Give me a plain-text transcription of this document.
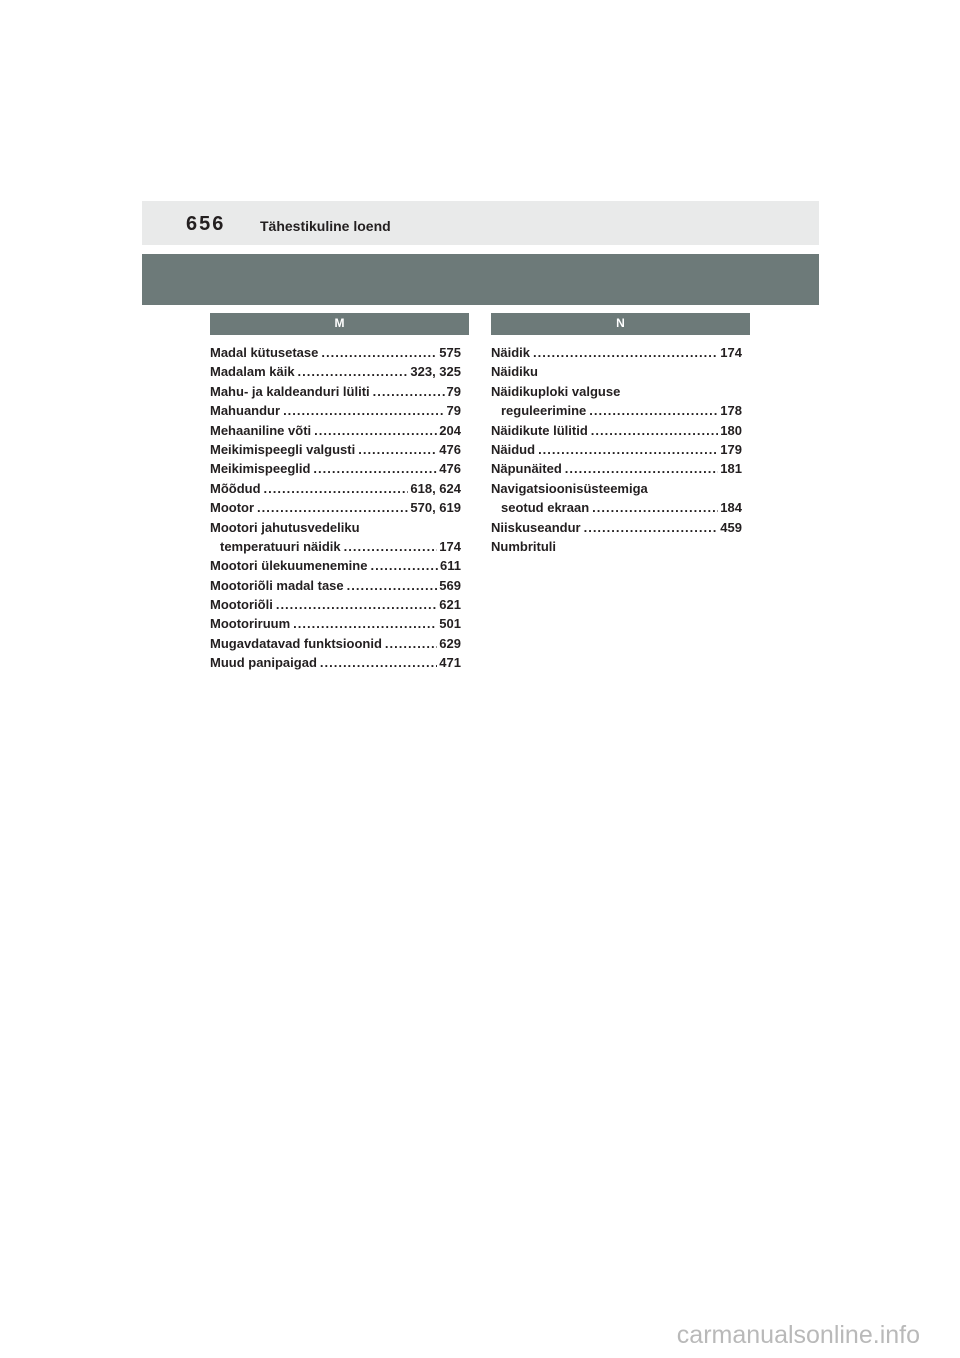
656 Tähestikuline loend
M
Madal kütusetase .....	575
Madalam käik .....	323, 325
Mahu- ja kaldeanduri lüliti .....	79
Mahuandur .....	79
Mehaaniline võti .....	204
Meikimispeegli valgusti .....	476
Meikimispeeglid .....	476
Mõõdud .....	618, 624
Mootor .....	570, 619
Mootori jahutusvedeliku
temperatuuri näidik .....	174
Mootori ülekuumenemine .....	611
Mootoriõli madal tase .....	569
Mootoriõli .....	621
Mootoriruum .....	501
Mugavdatavad funktsioonid .....	629
Muud panipaigad .....	471
N
Näidik .....	174
Näidiku
Näidikuploki valguse
reguleerimine .....	178
Näidikute lülitid .....	180
Näidud .....	179
Näpunäited .....	181
Navigatsioonisüsteemiga
seotud ekraan .....	184
Niiskuseandur .....	459
Numbrituli
carmanualsonline.info
